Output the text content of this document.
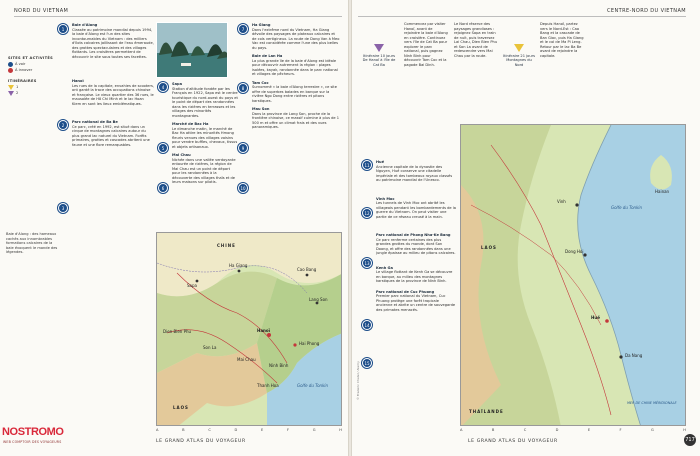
NORD DU VIETNAM	CENTRE-NORD DU VIETNAM
SITES ET ACTIVITÉS
À voir
À innover
ITINÉRAIRES
1
2
Baie d'Along : des hameaux cachés aux innombrables formations calcaires de la baie évoquent le monde des légendes.
1
2
3
Baie d'Along
Classée au patrimoine mondial depuis 1994, la baie d'Along est l'un des sites incontournables du Vietnam : des milliers d'îlots calcaires jaillissant de l'eau émeraude, des grottes spectaculaires et des villages flottants. Les croisières permettent de découvrir le site sous toutes ses facettes.
Hanoï
Les rues de la capitale, envahies de scooters, ont gardé la trace des occupations chinoise et française. Le vieux quartier des 36 rues, le mausolée de Hô Chi Minh et le lac Hoan Kiem en sont les lieux emblématiques.
Parc national de Ba Be
Ce parc, créé en 1992, est situé dans un cirque de montagnes calcaires autour du plus grand lac naturel du Vietnam. Forêts primaires, grottes et cascades abritent une faune et une flore remarquables.
4
5
6
Sapa
Station d'altitude fondée par les Français en 1922, Sapa est le centre touristique du nord-ouest du pays et le point de départ des randonnées dans les rizières en terrasses et les villages des minorités montagnardes.
Marché de Bac Ha
Le dimanche matin, le marché de Bac Ha attire les minorités Hmong fleuris venues des villages voisins pour vendre buffles, chevaux, tissus et objets artisanaux.
Mai Chau
Nichée dans une vallée verdoyante entourée de rizières, la région de Mai Chau est un point de départ pour les randonnées à la découverte des villages thaïs et de leurs maisons sur pilotis.
7
8
9
10
Ha Giang
Dans l'extrême nord du Vietnam, Ha Giang dévoile des paysages de plateaux calcaires et de cols vertigineux. La route de Dong Van à Meo Vac est considérée comme l'une des plus belles du pays.
Baie de Lan Ha
La plus grande île de la baie d'Along est idéale pour découvrir autrement la région : plages isolées, kayak, randonnée dans le parc national et villages de pêcheurs.
Tam Coc
Surnommé « la baie d'Along terrestre », ce site offre de superbes balades en barque sur la rivière Ngo Dong entre rizières et pitons karstiques.
Mau Son
Dans la province de Lang Son, proche de la frontière chinoise, ce massif culmine à plus de 1 500 m et offre un climat frais et des vues panoramiques.
CHINE
LAOS
Hanoï
Hai Phong
Sapa
Ha Giang
Cao Bang
Lang Son
Golfe du Tonkin
Dien Bien Phu
Son La
Mai Chau
Thanh Hoa
Ninh Binh
A	B	C	D	E	F	G	H
LE GRAND ATLAS DU VOYAGEUR
Itinéraire 10 jours De Hanoï à l'île de Cat Ba
Commencez par visiter Hanoï, avant de rejoindre la baie d'Along en croisière. Continuez vers l'île de Cat Ba pour explorer le parc national, puis gagnez Ninh Binh pour découvrir Tam Coc et la pagode Bai Dinh.
Le Nord réserve des paysages grandioses : rejoignez Sapa en train de nuit, puis traversez Lai Chau, Dien Bien Phu et Son La avant de redescendre vers Mai Chau par la route.	Itinéraire 21 jours Montagnes du Nord
Depuis Hanoï, partez vers le Nord-Est : Cao Bang et la cascade de Ban Gioc, puis Ha Giang et le col de Ma Pi Leng. Retour par le lac Ba Be avant de rejoindre la capitale.
11
12
13
14
15
Hué
Ancienne capitale de la dynastie des Nguyen, Hué conserve une citadelle impériale et des tombeaux royaux classés au patrimoine mondial de l'Unesco.
Vinh Moc
Les tunnels de Vinh Moc ont abrité les villageois pendant les bombardements de la guerre du Vietnam. On peut visiter une partie de ce réseau creusé à la main.
Parc national de Phong Nha-Ke Bang
Ce parc renferme certaines des plus grandes grottes du monde, dont Son Doong, et offre des randonnées dans une jungle épaisse au milieu de pitons calcaires.
Kenh Ga
Le village flottant de Kenh Ga se découvre en barque, au milieu des montagnes karstiques de la province de Ninh Binh.
Parc national de Cuc Phuong
Premier parc national du Vietnam, Cuc Phuong protège une forêt tropicale ancienne et abrite un centre de sauvegarde des primates menacés.
LAOS
Vinh
Dong Hoi
Hué
Da Nang
Golfe du Tonkin
MER DE CHINE MÉRIDIONALE
Hainan
THAÏLANDE
A	B	C	D	E	F	G	H
LE GRAND ATLAS DU VOYAGEUR	717
© Frederic Chatel / Alamy
NOSTROMO
WEB COMPTOIR DES VOYAGEURS
